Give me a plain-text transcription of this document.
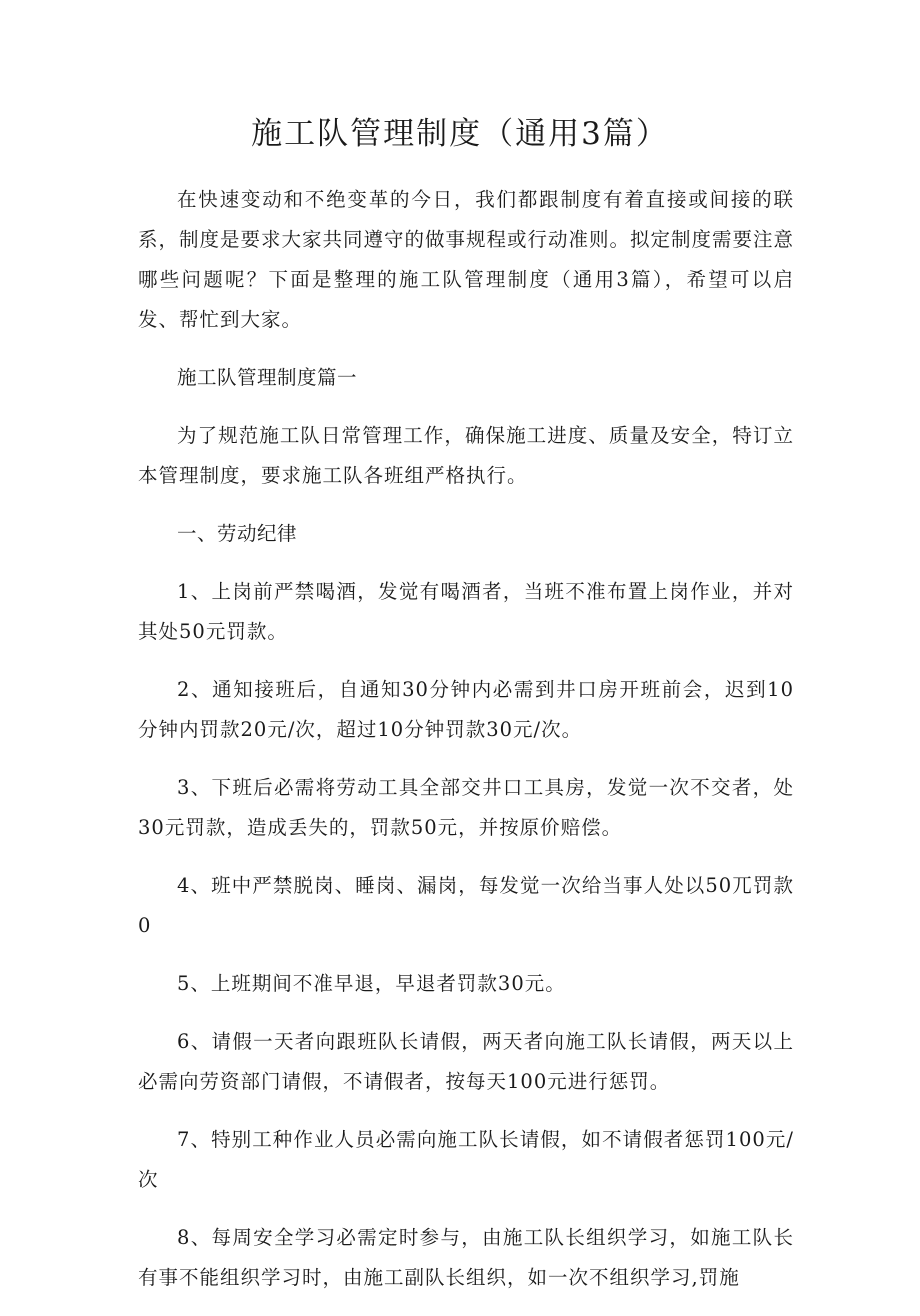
施工队管理制度（通用3篇）

在快速变动和不绝变革的今日，我们都跟制度有着直接或间接的联系，制度是要求大家共同遵守的做事规程或行动准则。拟定制度需要注意哪些问题呢？下面是整理的施工队管理制度（通用3篇），希望可以启发、帮忙到大家。

施工队管理制度篇一

为了规范施工队日常管理工作，确保施工进度、质量及安全，特订立本管理制度，要求施工队各班组严格执行。

一、劳动纪律

1、上岗前严禁喝酒，发觉有喝酒者，当班不准布置上岗作业，并对其处50元罚款。

2、通知接班后，自通知30分钟内必需到井口房开班前会，迟到10分钟内罚款20元/次，超过10分钟罚款30元/次。

3、下班后必需将劳动工具全部交井口工具房，发觉一次不交者，处30元罚款，造成丢失的，罚款50元，并按原价赔偿。

4、班中严禁脱岗、睡岗、漏岗，每发觉一次给当事人处以50兀罚款0

5、上班期间不准早退，早退者罚款30元。

6、请假一天者向跟班队长请假，两天者向施工队长请假，两天以上必需向劳资部门请假，不请假者，按每天100元进行惩罚。

7、特别工种作业人员必需向施工队长请假，如不请假者惩罚100元/次

8、每周安全学习必需定时参与，由施工队长组织学习，如施工队长有事不能组织学习时，由施工副队长组织，如一次不组织学习,罚施
